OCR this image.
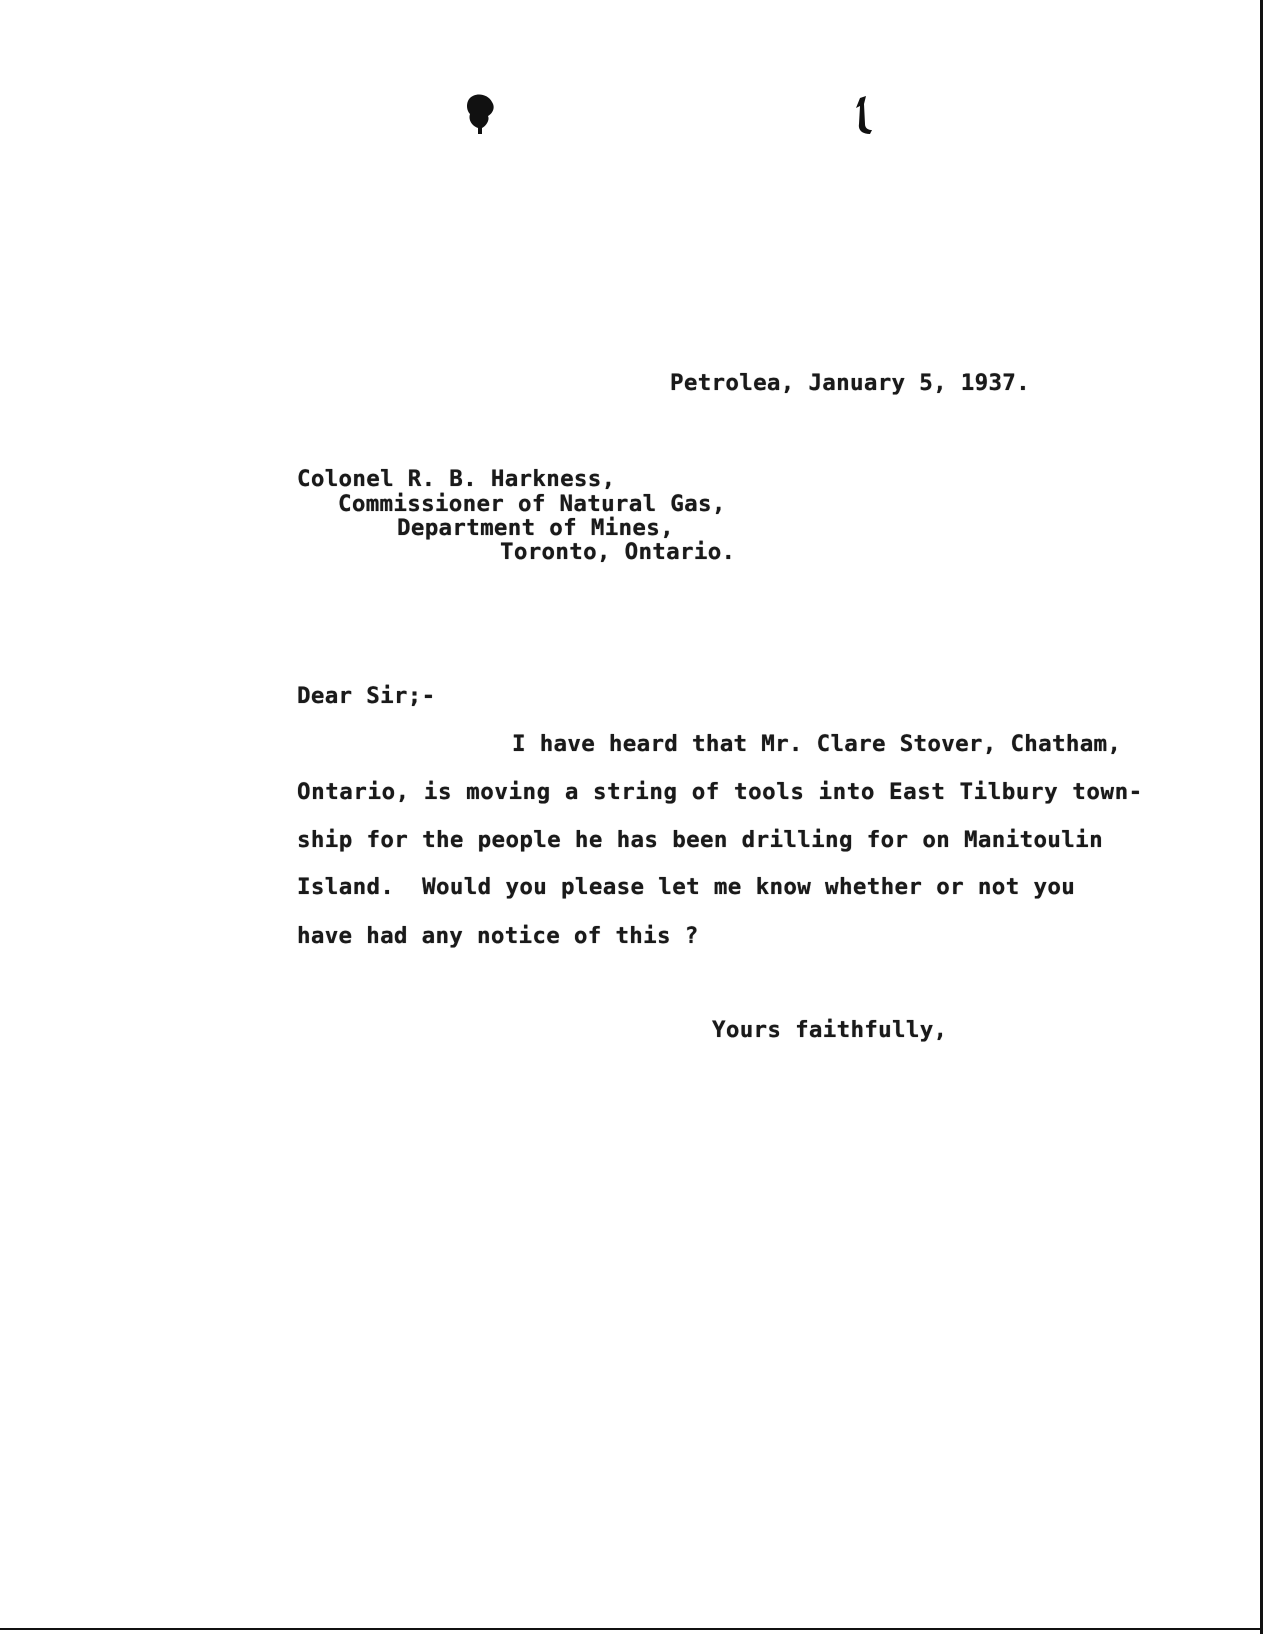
Petrolea, January 5, 1937.
Colonel R. B. Harkness,
Commissioner of Natural Gas,
Department of Mines,
Toronto, Ontario.
Dear Sir;-
I have heard that Mr. Clare Stover, Chatham,
Ontario, is moving a string of tools into East Tilbury town-
ship for the people he has been drilling for on Manitoulin
Island.  Would you please let me know whether or not you
have had any notice of this ?
Yours faithfully,
